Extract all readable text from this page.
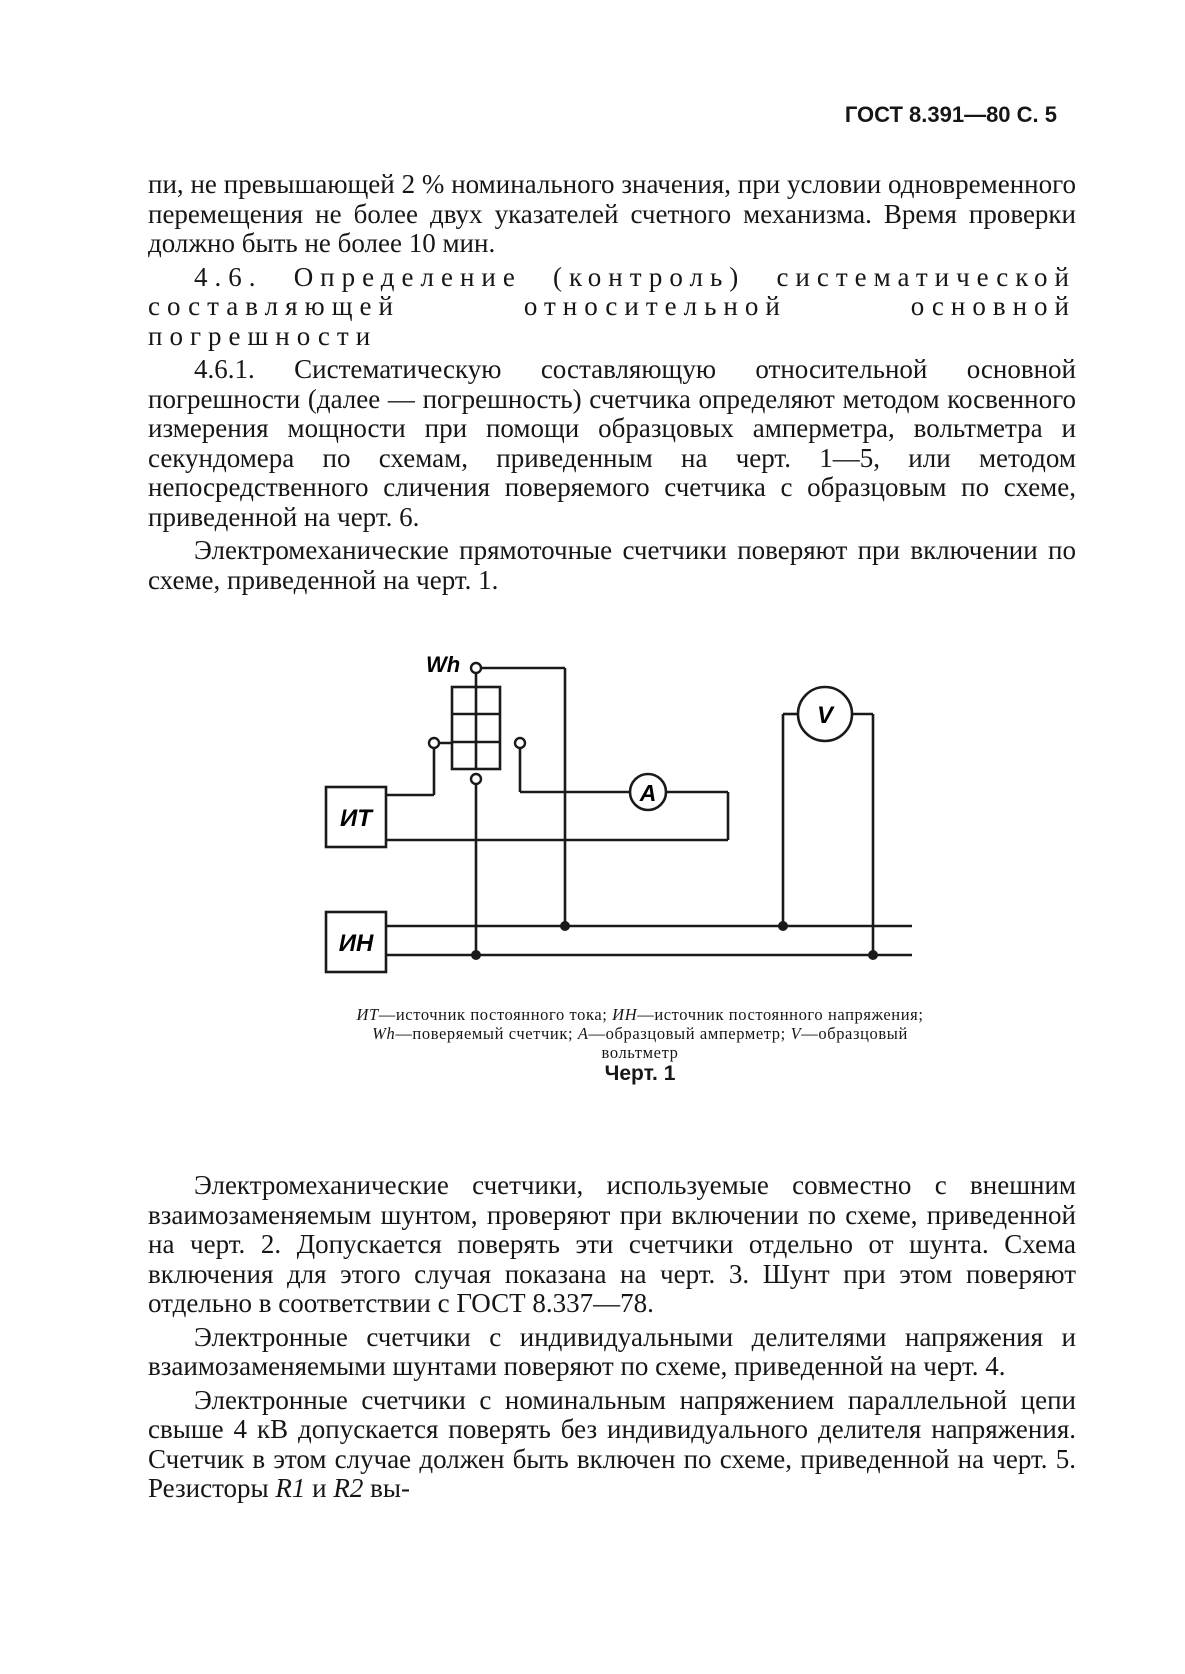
ГОСТ 8.391—80 С. 5

пи, не превышающей 2 % номинального значения, при условии одновременного перемещения не более двух указателей счетного механизма. Время проверки должно быть не более 10 мин.

4.6. Определение (контроль) систематической составляющей относительной основной погрешности

4.6.1. Систематическую составляющую относительной основной погрешности (далее — погрешность) счетчика определяют методом косвенного измерения мощности при помощи образцовых амперметра, вольтметра и секундомера по схемам, приведенным на черт. 1—5, или методом непосредственного сличения поверяемого счетчика с образцовым по схеме, приведенной на черт. 6.

Электромеханические прямоточные счетчики поверяют при включении по схеме, приведенной на черт. 1.

Wh
ИТ
ИН
A
V
ИТ—источник постоянного тока; ИН—источник постоянного напряжения; Wh—поверяемый счетчик; А—образцовый амперметр; V—образцовый вольтметр
Черт. 1

Электромеханические счетчики, используемые совместно с внешним взаимозаменяемым шунтом, проверяют при включении по схеме, приведенной на черт. 2. Допускается поверять эти счетчики отдельно от шунта. Схема включения для этого случая показана на черт. 3. Шунт при этом поверяют отдельно в соответствии с ГОСТ 8.337—78.

Электронные счетчики с индивидуальными делителями напряжения и взаимозаменяемыми шунтами поверяют по схеме, приведенной на черт. 4.

Электронные счетчики с номинальным напряжением параллельной цепи свыше 4 кВ допускается поверять без индивидуального делителя напряжения. Счетчик в этом случае должен быть включен по схеме, приведенной на черт. 5. Резисторы R1 и R2 вы-
